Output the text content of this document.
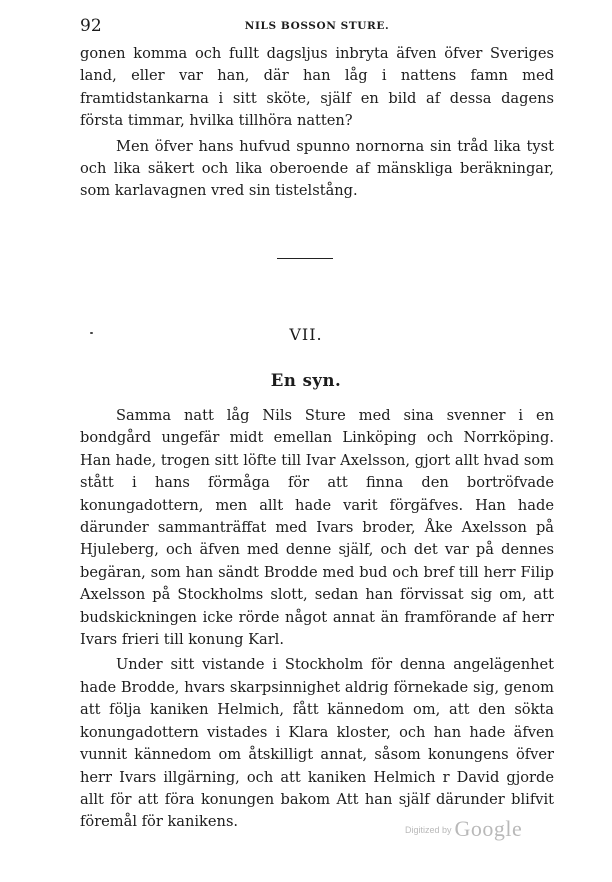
92	NILS BOSSON STURE.

gonen komma och fullt dagsljus inbryta äfven öfver Sveriges land, eller var han, där han låg i nattens famn med framtidstankarna i sitt sköte, själf en bild af dessa dagens första timmar, hvilka tillhöra natten?

Men öfver hans hufvud spunno nornorna sin tråd lika tyst och lika säkert och lika oberoende af mänskliga beräkningar, som karlavagnen vred sin tistelstång.

VII.
En syn.

Samma natt låg Nils Sture med sina svenner i en bondgård ungefär midt emellan Linköping och Norrköping. Han hade, trogen sitt löfte till Ivar Axelsson, gjort allt hvad som stått i hans förmåga för att finna den bortröfvade konungadottern, men allt hade varit förgäfves. Han hade därunder sammanträffat med Ivars broder, Åke Axelsson på Hjuleberg, och äfven med denne själf, och det var på dennes begäran, som han sändt Brodde med bud och bref till herr Filip Axelsson på Stockholms slott, sedan han förvissat sig om, att budskickningen icke rörde något annat än framförande af herr Ivars frieri till konung Karl.

Under sitt vistande i Stockholm för denna angelägenhet hade Brodde, hvars skarpsinnighet aldrig förnekade sig, genom att följa kaniken Helmich, fått kännedom om, att den sökta konungadottern vistades i Klara kloster, och han hade äfven vunnit kännedom om åtskilligt annat, såsom konungens öfver herr Ivars illgärning, och att kaniken Helmich r David gjorde allt för att föra konungen bakom Att han själf därunder blifvit föremål för kanikens.	Digitized by Google
